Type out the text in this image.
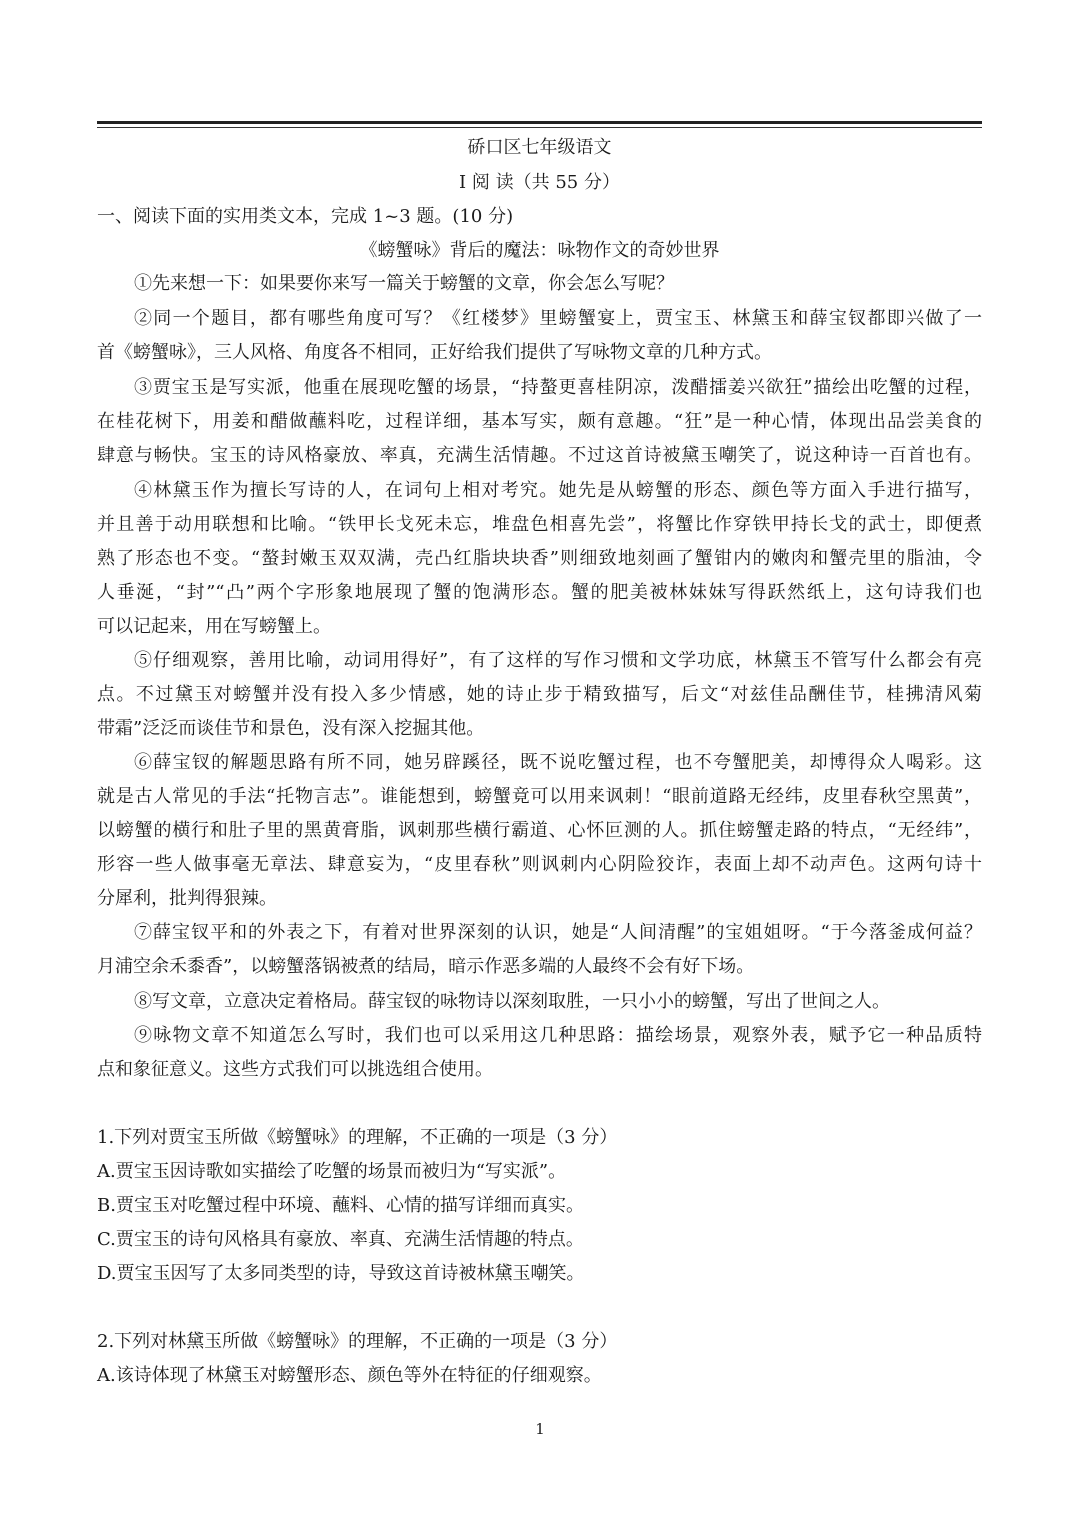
硚口区七年级语文
Ⅰ 阅 读（共 55 分）
一、阅读下面的实用类文本，完成 1~3 题。(10 分)
《螃蟹咏》背后的魔法：咏物作文的奇妙世界
①先来想一下：如果要你来写一篇关于螃蟹的文章，你会怎么写呢？
②同一个题目，都有哪些角度可写？《红楼梦》里螃蟹宴上，贾宝玉、林黛玉和薛宝钗都即兴做了一
首《螃蟹咏》，三人风格、角度各不相同，正好给我们提供了写咏物文章的几种方式。
③贾宝玉是写实派，他重在展现吃蟹的场景，“持螯更喜桂阴凉，泼醋擂姜兴欲狂”描绘出吃蟹的过程，
在桂花树下，用姜和醋做蘸料吃，过程详细，基本写实，颇有意趣。“狂”是一种心情，体现出品尝美食的
肆意与畅快。宝玉的诗风格豪放、率真，充满生活情趣。不过这首诗被黛玉嘲笑了，说这种诗一百首也有。
④林黛玉作为擅长写诗的人，在词句上相对考究。她先是从螃蟹的形态、颜色等方面入手进行描写，
并且善于动用联想和比喻。“铁甲长戈死未忘，堆盘色相喜先尝”，将蟹比作穿铁甲持长戈的武士，即便煮
熟了形态也不变。“螯封嫩玉双双满，壳凸红脂块块香”则细致地刻画了蟹钳内的嫩肉和蟹壳里的脂油，令
人垂涎，“封”“凸”两个字形象地展现了蟹的饱满形态。蟹的肥美被林妹妹写得跃然纸上，这句诗我们也
可以记起来，用在写螃蟹上。
⑤仔细观察，善用比喻，动词用得好”，有了这样的写作习惯和文学功底，林黛玉不管写什么都会有亮
点。不过黛玉对螃蟹并没有投入多少情感，她的诗止步于精致描写，后文“对兹佳品酬佳节，桂拂清风菊
带霜”泛泛而谈佳节和景色，没有深入挖掘其他。
⑥薛宝钗的解题思路有所不同，她另辟蹊径，既不说吃蟹过程，也不夸蟹肥美，却博得众人喝彩。这
就是古人常见的手法“托物言志”。谁能想到，螃蟹竟可以用来讽刺！“眼前道路无经纬，皮里春秋空黑黄”，
以螃蟹的横行和肚子里的黑黄膏脂，讽刺那些横行霸道、心怀叵测的人。抓住螃蟹走路的特点，“无经纬”，
形容一些人做事毫无章法、肆意妄为，“皮里春秋”则讽刺内心阴险狡诈，表面上却不动声色。这两句诗十
分犀利，批判得狠辣。
⑦薛宝钗平和的外表之下，有着对世界深刻的认识，她是“人间清醒”的宝姐姐呀。“于今落釜成何益？
月浦空余禾黍香”，以螃蟹落锅被煮的结局，暗示作恶多端的人最终不会有好下场。
⑧写文章，立意决定着格局。薛宝钗的咏物诗以深刻取胜，一只小小的螃蟹，写出了世间之人。
⑨咏物文章不知道怎么写时，我们也可以采用这几种思路：描绘场景，观察外表，赋予它一种品质特
点和象征意义。这些方式我们可以挑选组合使用。
1.下列对贾宝玉所做《螃蟹咏》的理解，不正确的一项是（3 分）
A.贾宝玉因诗歌如实描绘了吃蟹的场景而被归为“写实派”。
B.贾宝玉对吃蟹过程中环境、蘸料、心情的描写详细而真实。
C.贾宝玉的诗句风格具有豪放、率真、充满生活情趣的特点。
D.贾宝玉因写了太多同类型的诗，导致这首诗被林黛玉嘲笑。
2.下列对林黛玉所做《螃蟹咏》的理解，不正确的一项是（3 分）
A.该诗体现了林黛玉对螃蟹形态、颜色等外在特征的仔细观察。
1
